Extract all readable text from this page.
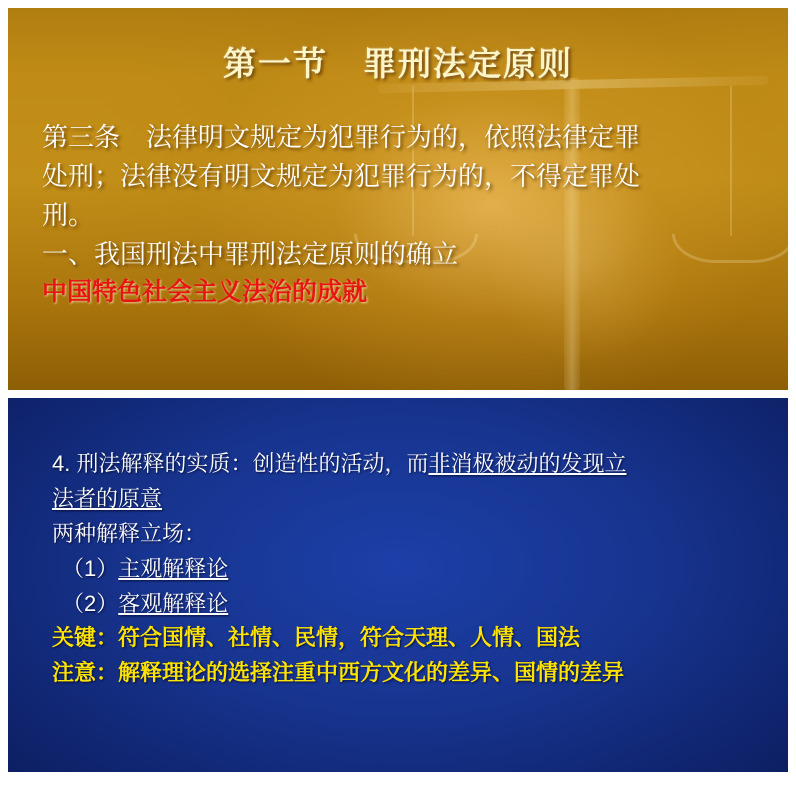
第一节　罪刑法定原则

第三条　法律明文规定为犯罪行为的，依照法律定罪

处刑；法律没有明文规定为犯罪行为的，不得定罪处

刑。

一、我国刑法中罪刑法定原则的确立

中国特色社会主义法治的成就

4. 刑法解释的实质：创造性的活动，而非消极被动的发现立

法者的原意

两种解释立场：

（1）主观解释论

（2）客观解释论

关键：符合国情、社情、民情，符合天理、人情、国法

注意：解释理论的选择注重中西方文化的差异、国情的差异
